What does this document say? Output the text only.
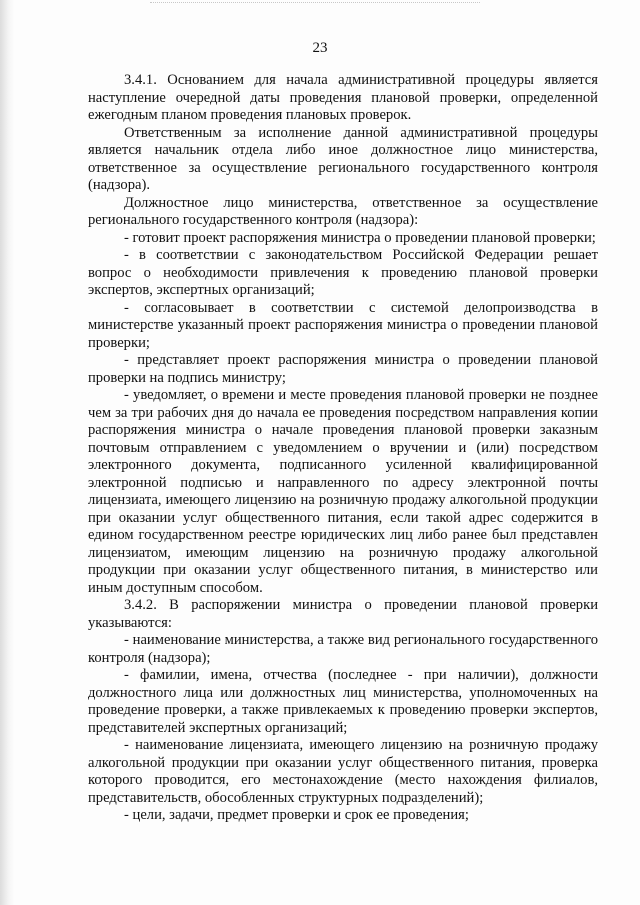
23

3.4.1. Основанием для начала административной процедуры является наступление очередной даты проведения плановой проверки, определенной ежегодным планом проведения плановых проверок.

Ответственным за исполнение данной административной процедуры является начальник отдела либо иное должностное лицо министерства, ответственное за осуществление регионального государственного контроля (надзора).

Должностное лицо министерства, ответственное за осуществление регионального государственного контроля (надзора):

- готовит проект распоряжения министра о проведении плановой проверки;

- в соответствии с законодательством Российской Федерации решает вопрос о необходимости привлечения к проведению плановой проверки экспертов, экспертных организаций;

- согласовывает в соответствии с системой делопроизводства в министерстве указанный проект распоряжения министра о проведении плановой проверки;

- представляет проект распоряжения министра о проведении плановой проверки на подпись министру;

- уведомляет, о времени и месте проведения плановой проверки не позднее чем за три рабочих дня до начала ее проведения посредством направления копии распоряжения министра о начале проведения плановой проверки заказным почтовым отправлением с уведомлением о вручении и (или) посредством электронного документа, подписанного усиленной квалифицированной электронной подписью и направленного по адресу электронной почты лицензиата, имеющего лицензию на розничную продажу алкогольной продукции при оказании услуг общественного питания, если такой адрес содержится в едином государственном реестре юридических лиц либо ранее был представлен лицензиатом, имеющим лицензию на розничную продажу алкогольной продукции при оказании услуг общественного питания, в министерство или иным доступным способом.

3.4.2. В распоряжении министра о проведении плановой проверки указываются:

- наименование министерства, а также вид регионального государственного контроля (надзора);

- фамилии, имена, отчества (последнее - при наличии), должности должностного лица или должностных лиц министерства, уполномоченных на проведение проверки, а также привлекаемых к проведению проверки экспертов, представителей экспертных организаций;

- наименование лицензиата, имеющего лицензию на розничную продажу алкогольной продукции при оказании услуг общественного питания, проверка которого проводится, его местонахождение (место нахождения филиалов, представительств, обособленных структурных подразделений);

- цели, задачи, предмет проверки и срок ее проведения;
